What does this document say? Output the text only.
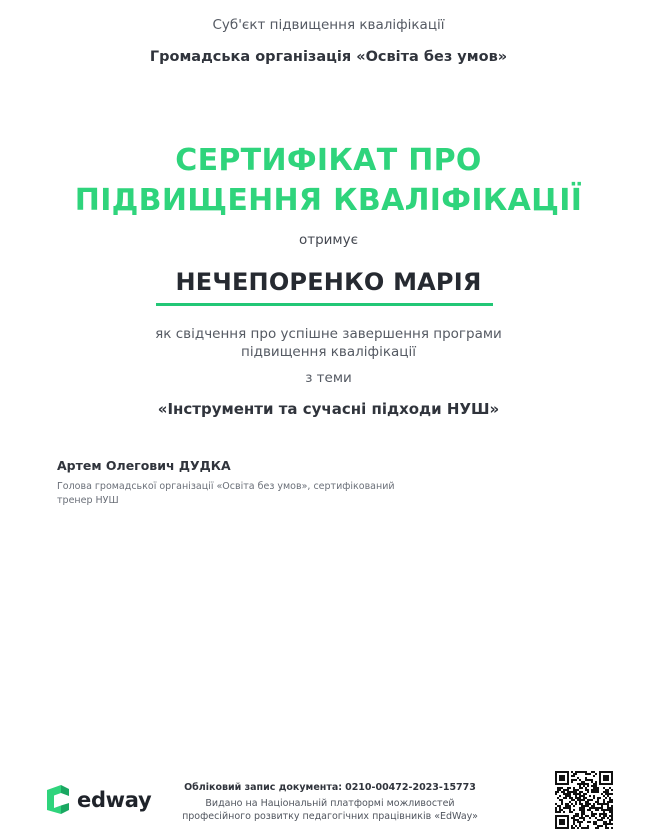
Суб'єкт підвищення кваліфікації
Громадська організація «Освіта без умов»
СЕРТИФІКАТ ПРО
ПІДВИЩЕННЯ КВАЛІФІКАЦІЇ
отримує
НЕЧЕПОРЕНКО МАРІЯ
як свідчення про успішне завершення програми
підвищення кваліфікації
з теми
«Інструменти та сучасні підходи НУШ»
Артем Олегович ДУДКА
Голова громадської організації «Освіта без умов», сертифікований тренер НУШ
edway
Обліковий запис документа: 0210-00472-2023-15773
Видано на Національній платформі можливостей
професійного розвитку педагогічних працівників «EdWay»
